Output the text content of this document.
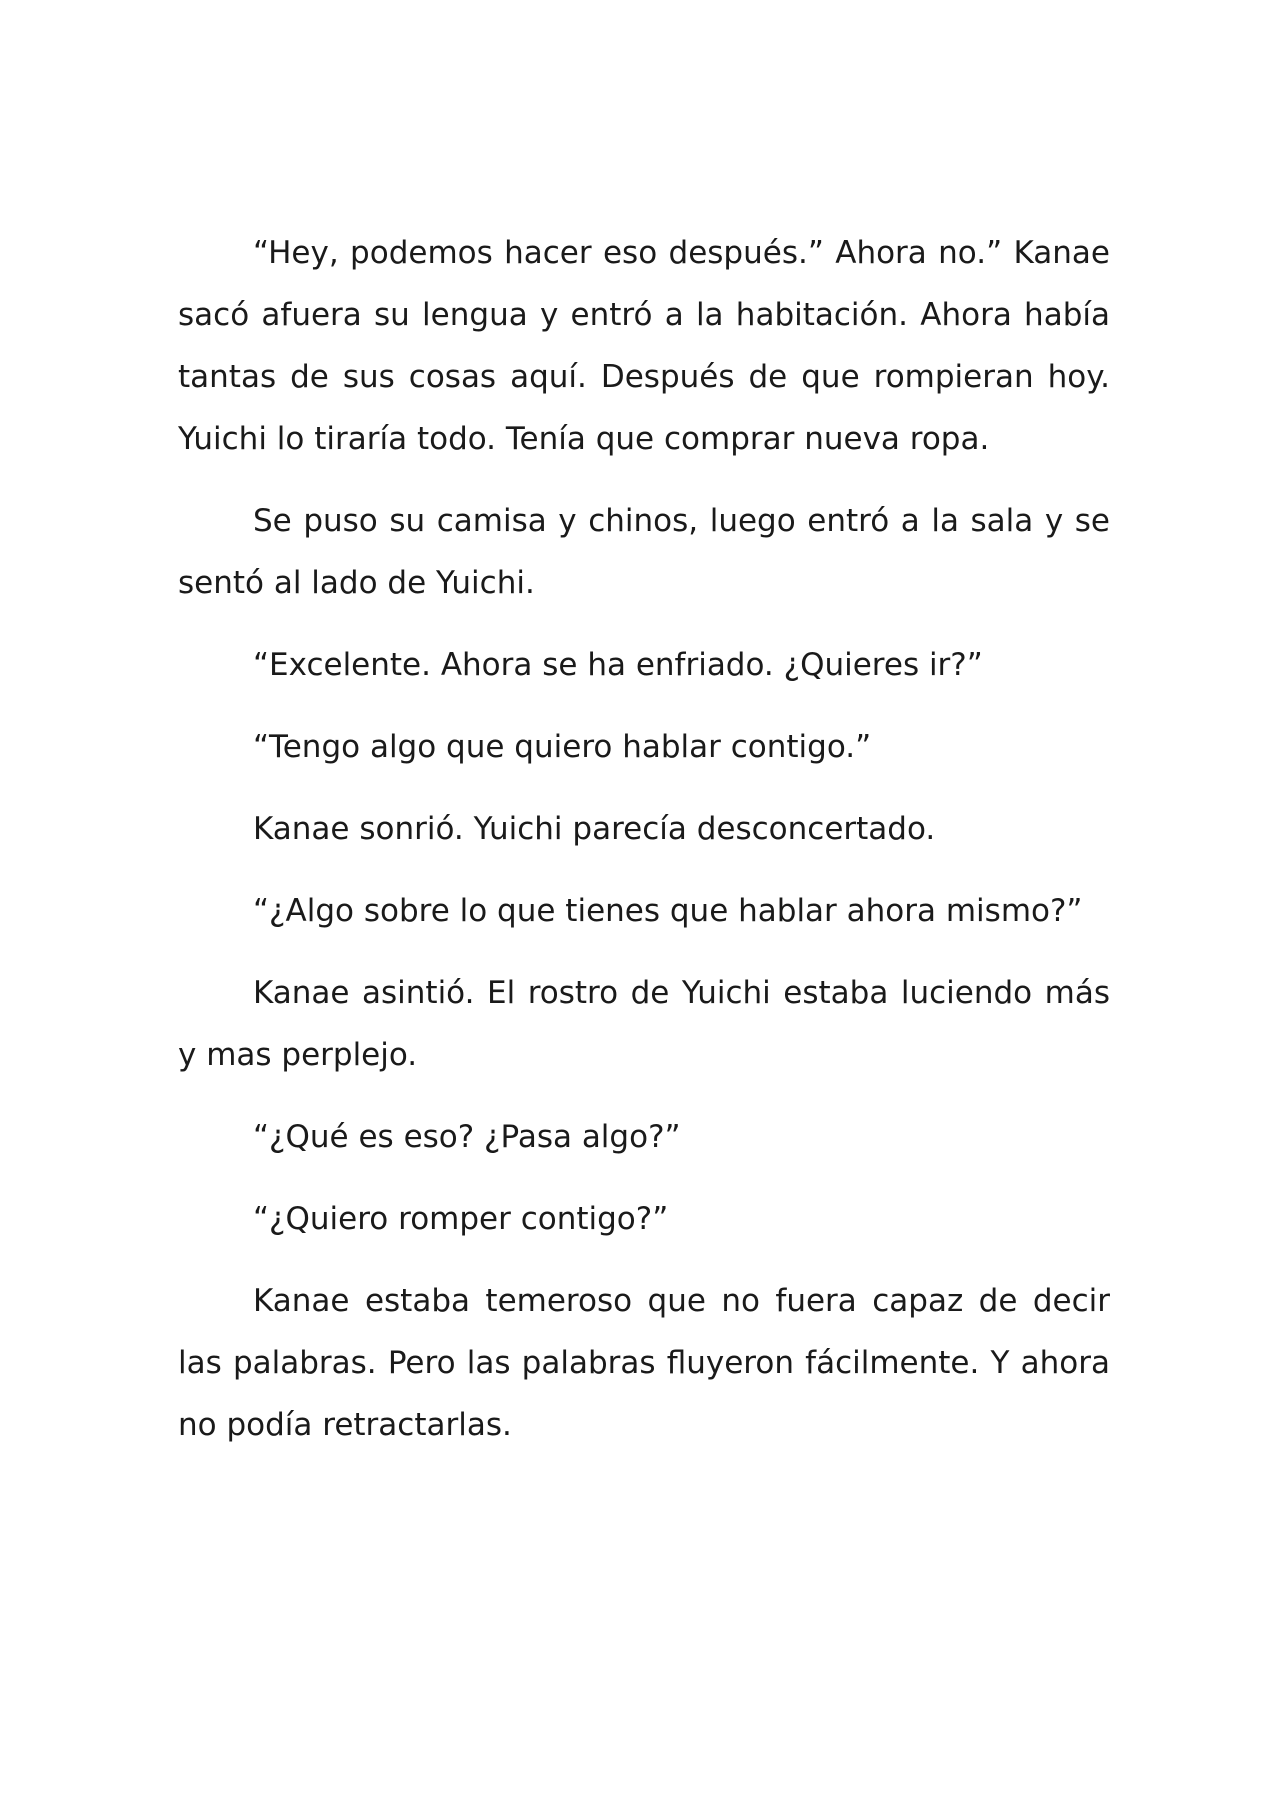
“Hey, podemos hacer eso después.” Ahora no.” Kanae sacó afuera su lengua y entró a la habitación. Ahora había tantas de sus cosas aquí. Después de que rompieran hoy. Yuichi lo tiraría todo. Tenía que comprar nueva ropa.

Se puso su camisa y chinos, luego entró a la sala y se sentó al lado de Yuichi.

“Excelente. Ahora se ha enfriado. ¿Quieres ir?”

“Tengo algo que quiero hablar contigo.”

Kanae sonrió. Yuichi parecía desconcertado.

“¿Algo sobre lo que tienes que hablar ahora mismo?”

Kanae asintió. El rostro de Yuichi estaba luciendo más y mas perplejo.

“¿Qué es eso? ¿Pasa algo?”

“¿Quiero romper contigo?”

Kanae estaba temeroso que no fuera capaz de decir las palabras. Pero las palabras fluyeron fácilmente. Y ahora no podía retractarlas.
